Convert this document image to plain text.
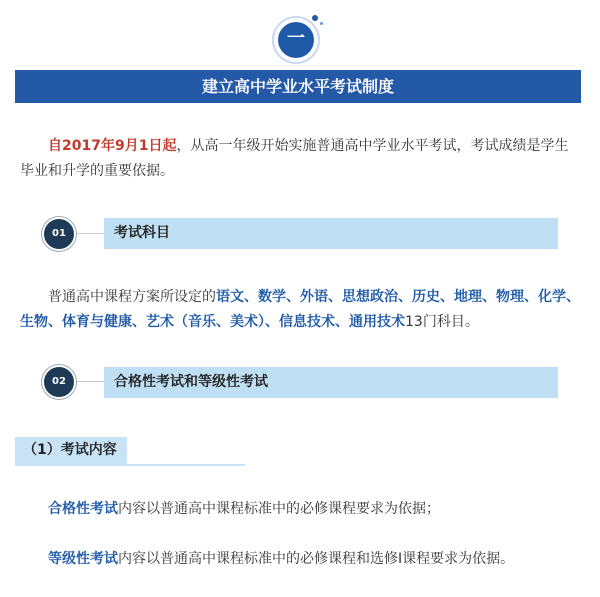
一
建立高中学业水平考试制度
自2017年9月1日起，从高一年级开始实施普通高中学业水平考试，考试成绩是学生毕业和升学的重要依据。
考试科目
01
普通高中课程方案所设定的语文、数学、外语、思想政治、历史、地理、物理、化学、生物、体育与健康、艺术（音乐、美术）、信息技术、通用技术13门科目。
合格性考试和等级性考试
02
（1）考试内容
合格性考试内容以普通高中课程标准中的必修课程要求为依据；
等级性考试内容以普通高中课程标准中的必修课程和选修Ⅰ课程要求为依据。
